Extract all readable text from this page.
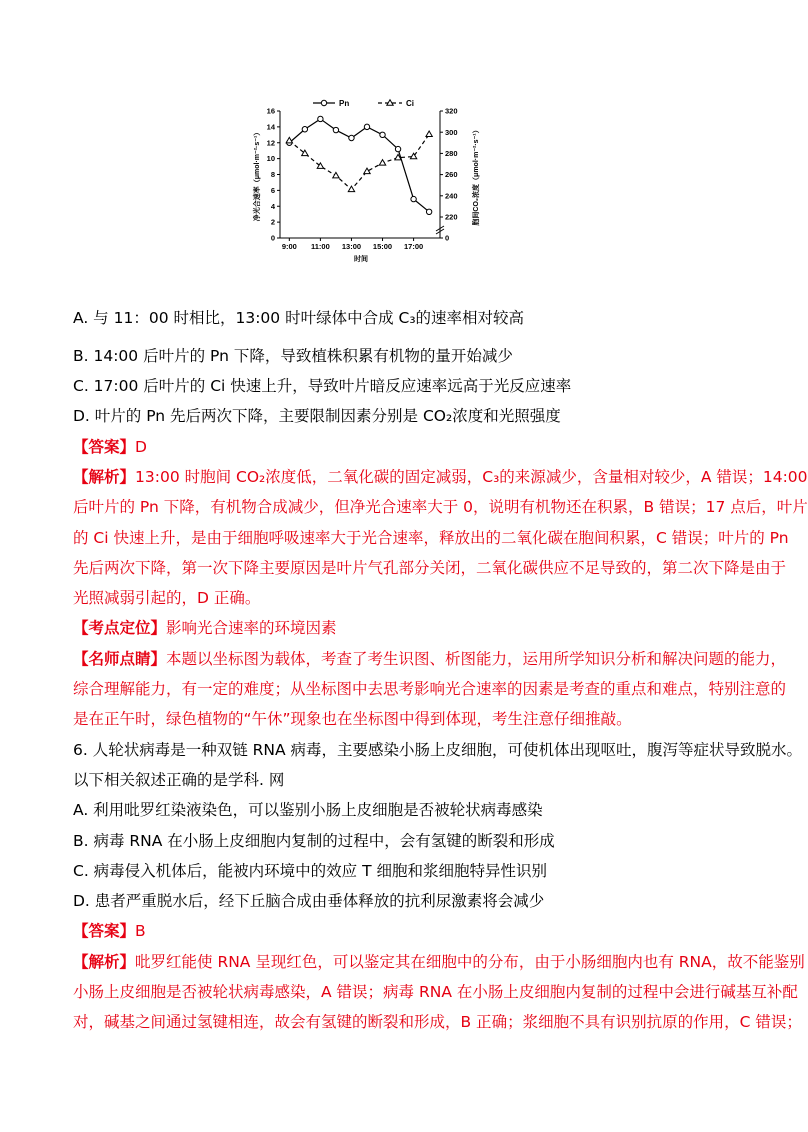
净光合速率（μmol·m⁻²·s⁻¹）	胞间CO₂浓度（μmol·m⁻²·s⁻¹）
时间
Pn	Ci
0
2
4
6
8
10
12
14
16
0
220
240
260
280
300
320
9:00 11:00 13:00 15:00 17:00
A. 与 11：00 时相比，13:00 时叶绿体中合成 C₃的速率相对较高
B. 14:00 后叶片的 Pn 下降，导致植株积累有机物的量开始减少
C. 17:00 后叶片的 Ci 快速上升，导致叶片暗反应速率远高于光反应速率
D. 叶片的 Pn 先后两次下降，主要限制因素分别是 CO₂浓度和光照强度
【答案】D
【解析】13:00 时胞间 CO₂浓度低，二氧化碳的固定减弱，C₃的来源减少，含量相对较少，A 错误；14:00
后叶片的 Pn 下降，有机物合成减少，但净光合速率大于 0，说明有机物还在积累，B 错误；17 点后，叶片
的 Ci 快速上升，是由于细胞呼吸速率大于光合速率，释放出的二氧化碳在胞间积累，C 错误；叶片的 Pn
先后两次下降，第一次下降主要原因是叶片气孔部分关闭，二氧化碳供应不足导致的，第二次下降是由于
光照减弱引起的，D 正确。
【考点定位】影响光合速率的环境因素
【名师点睛】本题以坐标图为载体，考查了考生识图、析图能力，运用所学知识分析和解决问题的能力，
综合理解能力，有一定的难度；从坐标图中去思考影响光合速率的因素是考查的重点和难点，特别注意的
是在正午时，绿色植物的“午休”现象也在坐标图中得到体现，考生注意仔细推敲。
6. 人轮状病毒是一种双链 RNA 病毒，主要感染小肠上皮细胞，可使机体出现呕吐，腹泻等症状导致脱水。
以下相关叙述正确的是学科. 网
A. 利用吡罗红染液染色，可以鉴别小肠上皮细胞是否被轮状病毒感染
B. 病毒 RNA 在小肠上皮细胞内复制的过程中，会有氢键的断裂和形成
C. 病毒侵入机体后，能被内环境中的效应 T 细胞和浆细胞特异性识别
D. 患者严重脱水后，经下丘脑合成由垂体释放的抗利尿激素将会减少
【答案】B
【解析】吡罗红能使 RNA 呈现红色，可以鉴定其在细胞中的分布，由于小肠细胞内也有 RNA，故不能鉴别
小肠上皮细胞是否被轮状病毒感染，A 错误；病毒 RNA 在小肠上皮细胞内复制的过程中会进行碱基互补配
对，碱基之间通过氢键相连，故会有氢键的断裂和形成，B 正确；浆细胞不具有识别抗原的作用，C 错误；
